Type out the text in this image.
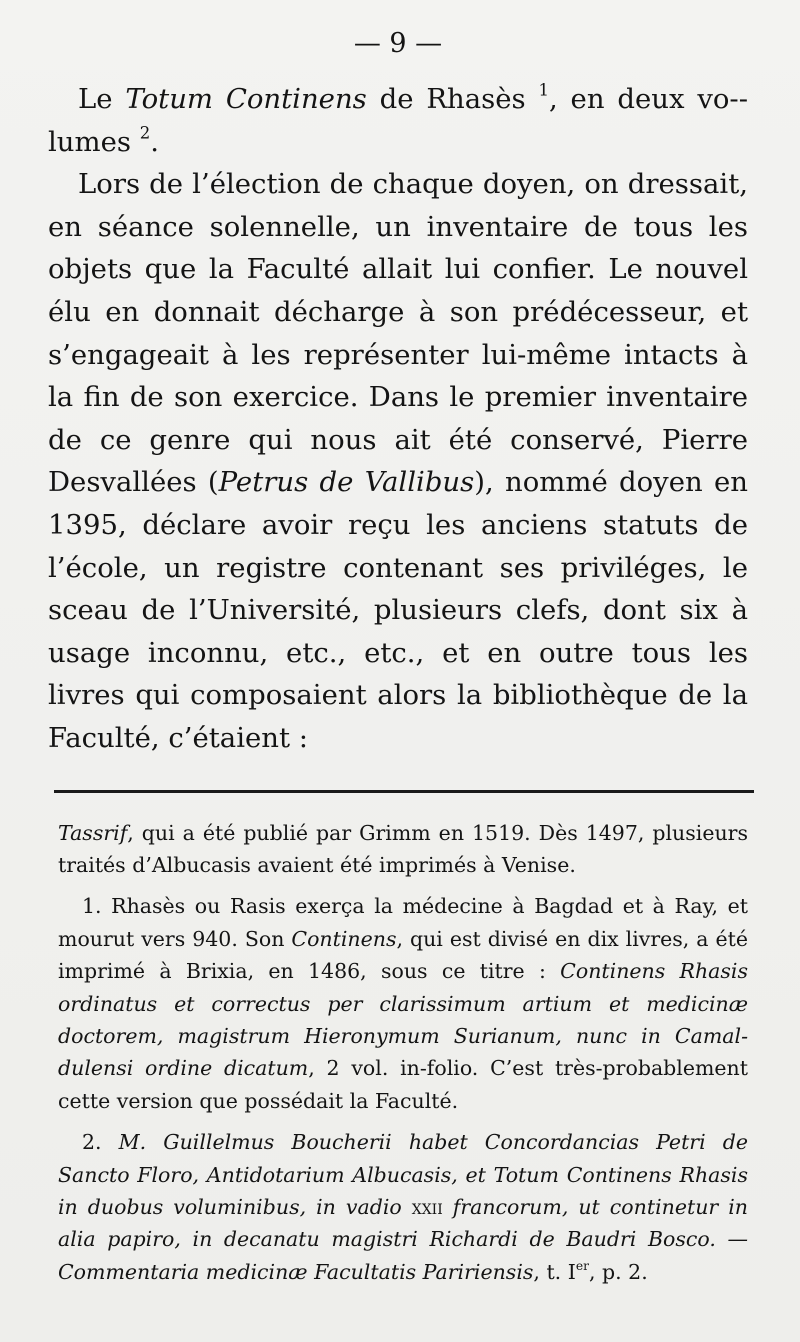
— 9 —

Le Totum Continens de Rhasès $^1$, en deux vo-lumes $^2$.

Lors de l’élection de chaque doyen, on dressait, en séance solennelle, un inventaire de tous les objets que la Faculté allait lui confier. Le nouvel élu en donnait décharge à son prédécesseur, et s’engageait à les représenter lui-même intacts à la fin de son exercice. Dans le premier inventaire de ce genre qui nous ait été conservé, Pierre Desvallées (Petrus de Vallibus), nommé doyen en 1395, déclare avoir reçu les anciens statuts de l’école, un registre contenant ses priviléges, le sceau de l’Université, plusieurs clefs, dont six à usage inconnu, etc., etc., et en outre tous les livres qui composaient alors la bibliothèque de la Faculté, c’étaient :

Tassrif, qui a été publié par Grimm en 1519. Dès 1497, plusieurs traités d’Albucasis avaient été imprimés à Venise.

1. Rhasès ou Rasis exerça la médecine à Bagdad et à Ray, et mourut vers 940. Son Continens, qui est divisé en dix livres, a été imprimé à Brixia, en 1486, sous ce titre : Continens Rhasis ordinatus et correctus per clarissimum artium et medicinæ doctorem, magistrum Hieronymum Surianum, nunc in Camaldulensi ordine dicatum, 2 vol. in-folio. C’est très-probablement cette version que possédait la Faculté.

2. M. Guillelmus Boucherii habet Concordancias Petri de Sancto Floro, Antidotarium Albucasis, et Totum Continens Rhasis in duobus voluminibus, in vadio xxii francorum, ut continetur in alia papiro, in decanatu magistri Richardi de Baudri Bosco. — Commentaria medicinæ Facultatis Paririensis, t. Ier, p. 2.
